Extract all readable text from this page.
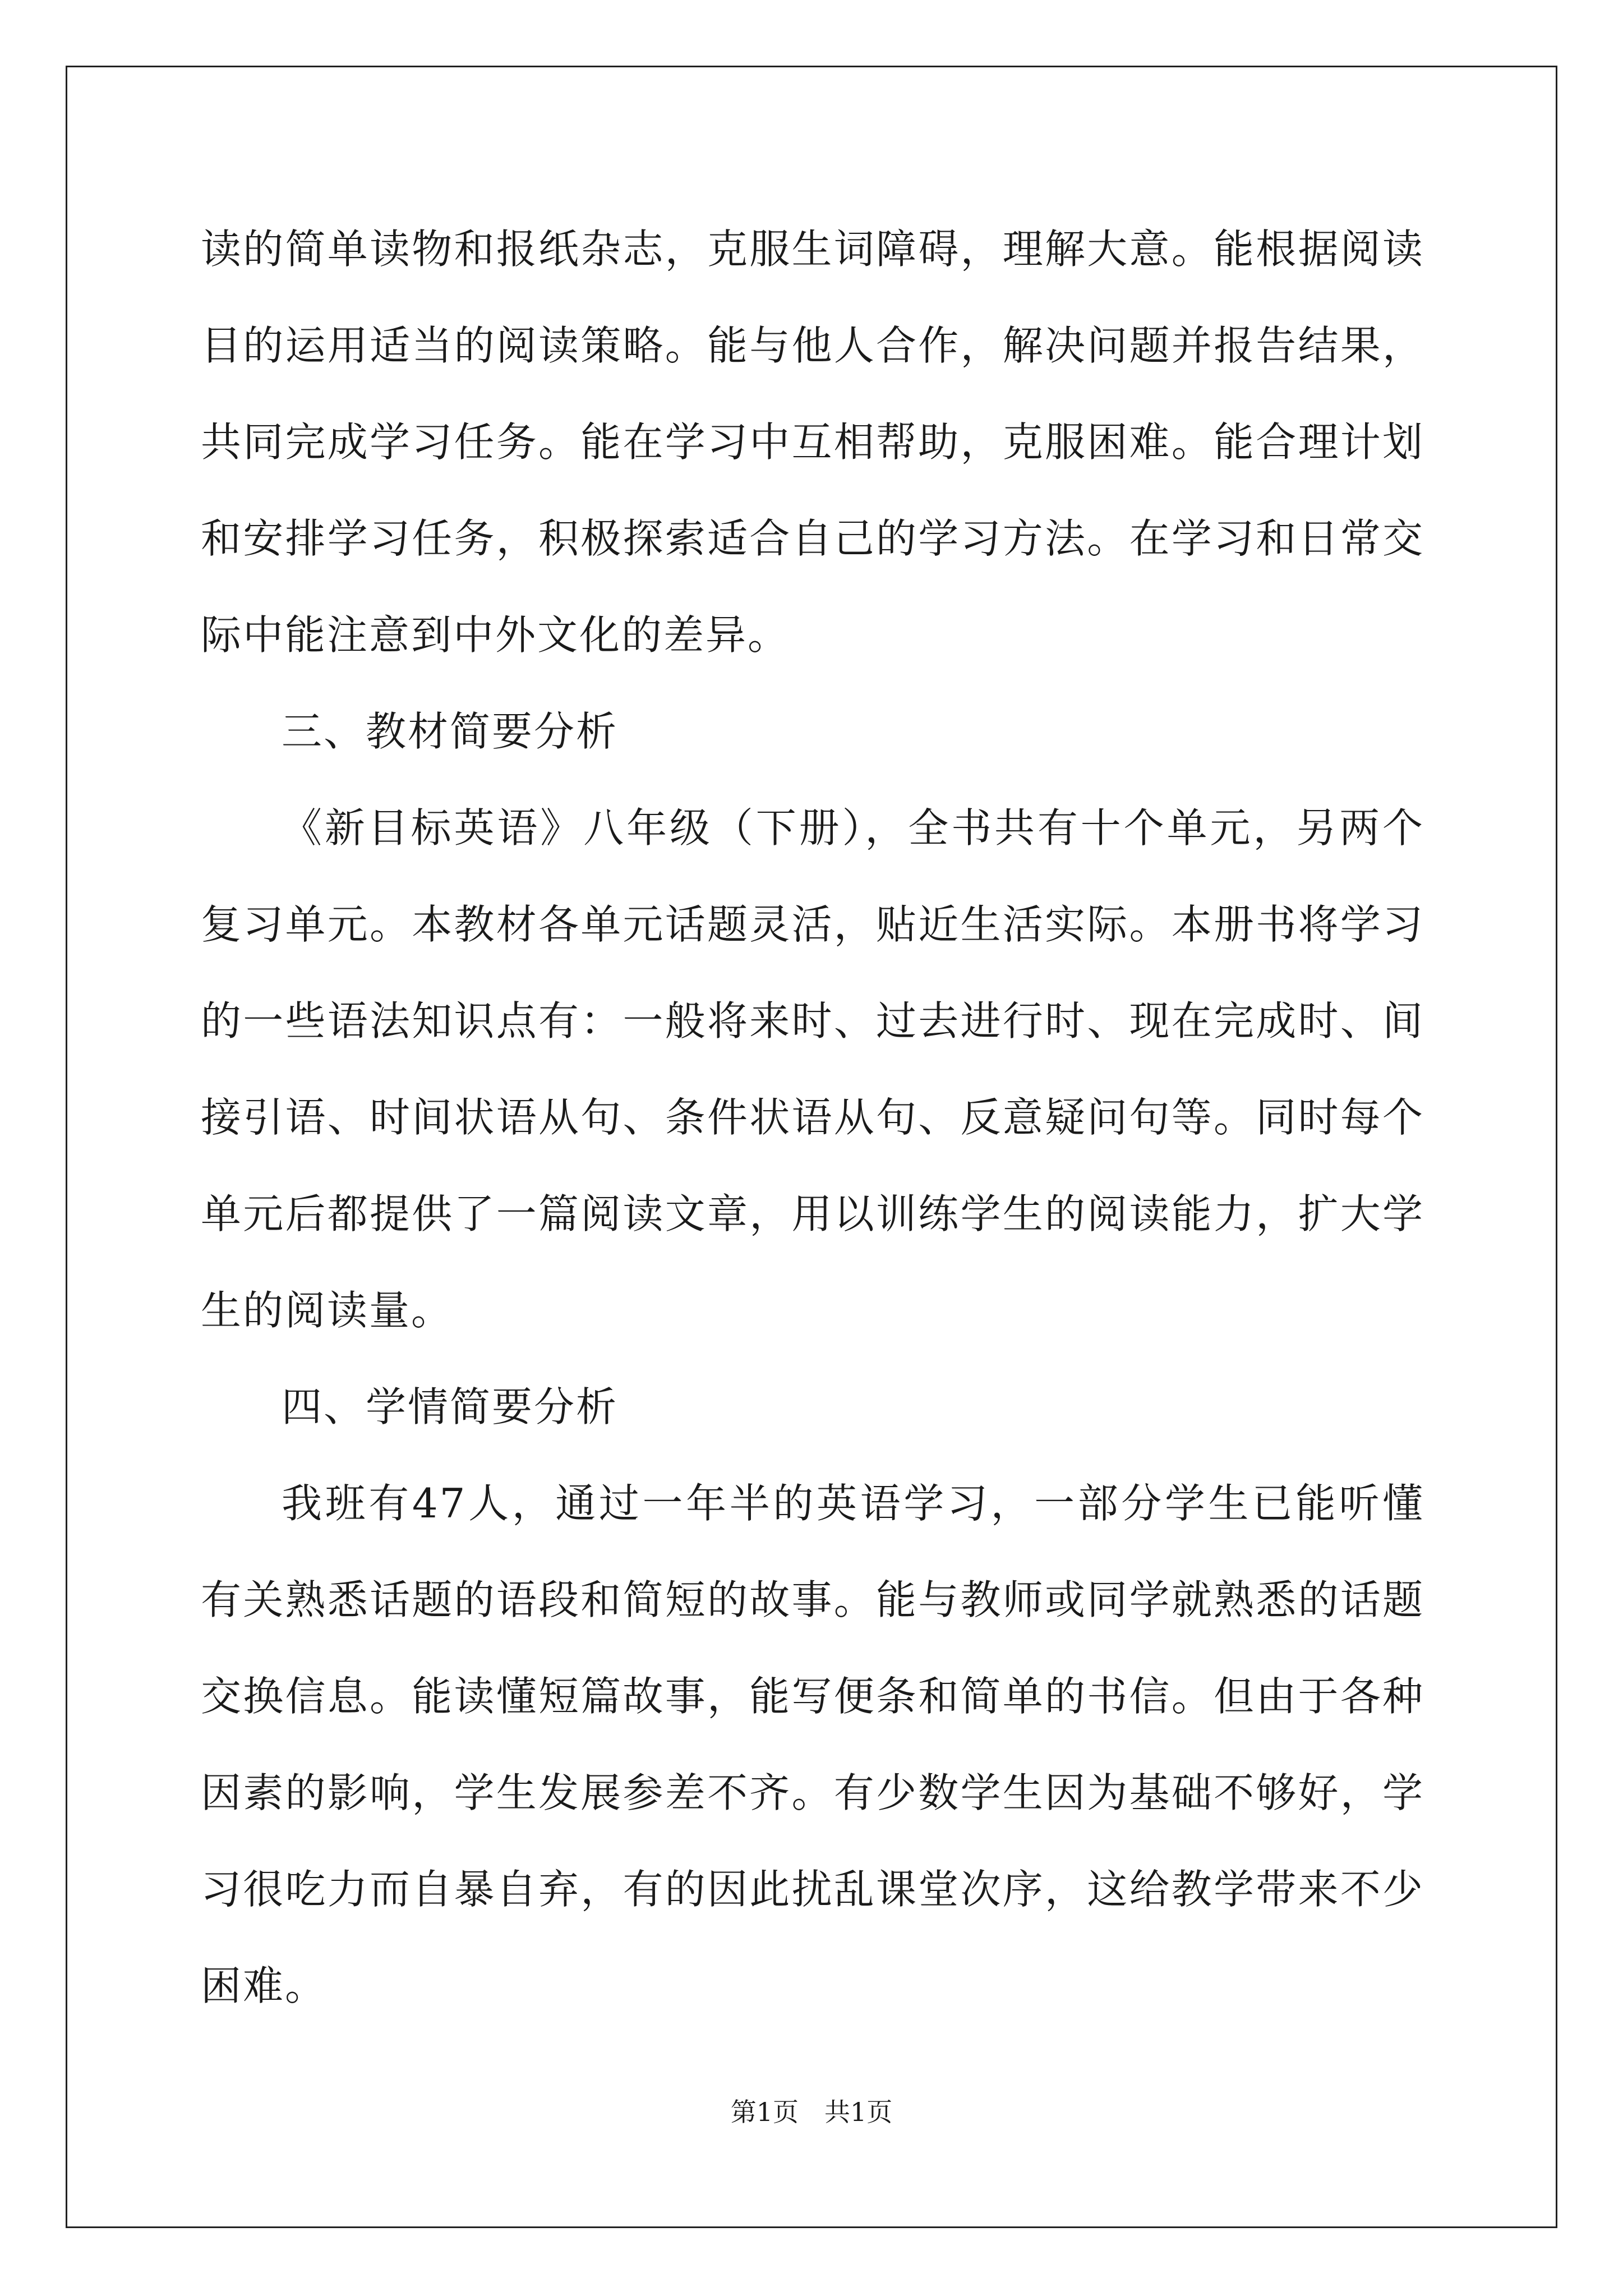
读的简单读物和报纸杂志，克服生词障碍，理解大意。能根据阅读目的运用适当的阅读策略。能与他人合作，解决问题并报告结果，共同完成学习任务。能在学习中互相帮助，克服困难。能合理计划和安排学习任务，积极探索适合自己的学习方法。在学习和日常交际中能注意到中外文化的差异。

三、教材简要分析

《新目标英语》八年级（下册），全书共有十个单元，另两个复习单元。本教材各单元话题灵活，贴近生活实际。本册书将学习的一些语法知识点有：一般将来时、过去进行时、现在完成时、间接引语、时间状语从句、条件状语从句、反意疑问句等。同时每个单元后都提供了一篇阅读文章，用以训练学生的阅读能力，扩大学生的阅读量。

四、学情简要分析

我班有47人，通过一年半的英语学习，一部分学生已能听懂有关熟悉话题的语段和简短的故事。能与教师或同学就熟悉的话题交换信息。能读懂短篇故事，能写便条和简单的书信。但由于各种因素的影响，学生发展参差不齐。有少数学生因为基础不够好，学习很吃力而自暴自弃，有的因此扰乱课堂次序，这给教学带来不少困难。

第1页 共1页
